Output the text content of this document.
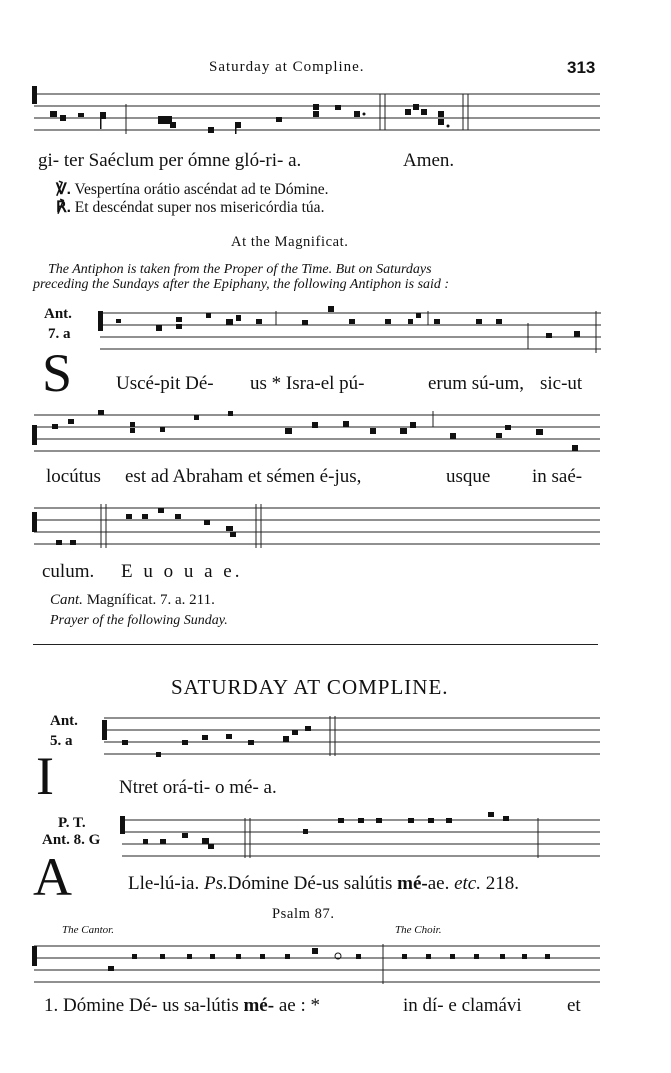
Saturday at Compline.	313
gi- ter Saéclum per ómne gló-ri- a.	Amen.
℣. Vespertína orátio ascéndat ad te Dómine.
℟. Et descéndat super nos misericórdia túa.
At the Magnificat.
The Antiphon is taken from the Proper of the Time. But on Saturdays
preceding the Sundays after the Epiphany, the following Antiphon is said :
Ant.
7. a
S Uscé-pit Dé- us * Isra-el pú-	erum sú-um, sic-ut
locútus est ad Abraham et sémen é-jus,	usque in saé-
culum. E u o u a e.
Cant. Magníficat. 7. a. 211.
Prayer of the following Sunday.
SATURDAY AT COMPLINE.
Ant.
5. a
I	Ntret orá-ti- o mé- a.
P. T.
Ant. 8. G
A	Lle-lú-ia. Ps.Dómine Dé-us salútis mé-ae. etc. 218.
Psalm 87.
The Cantor.	The Choir.
1. Dómine Dé- us sa-lútis mé- ae : *	in dí- e clamávi et
